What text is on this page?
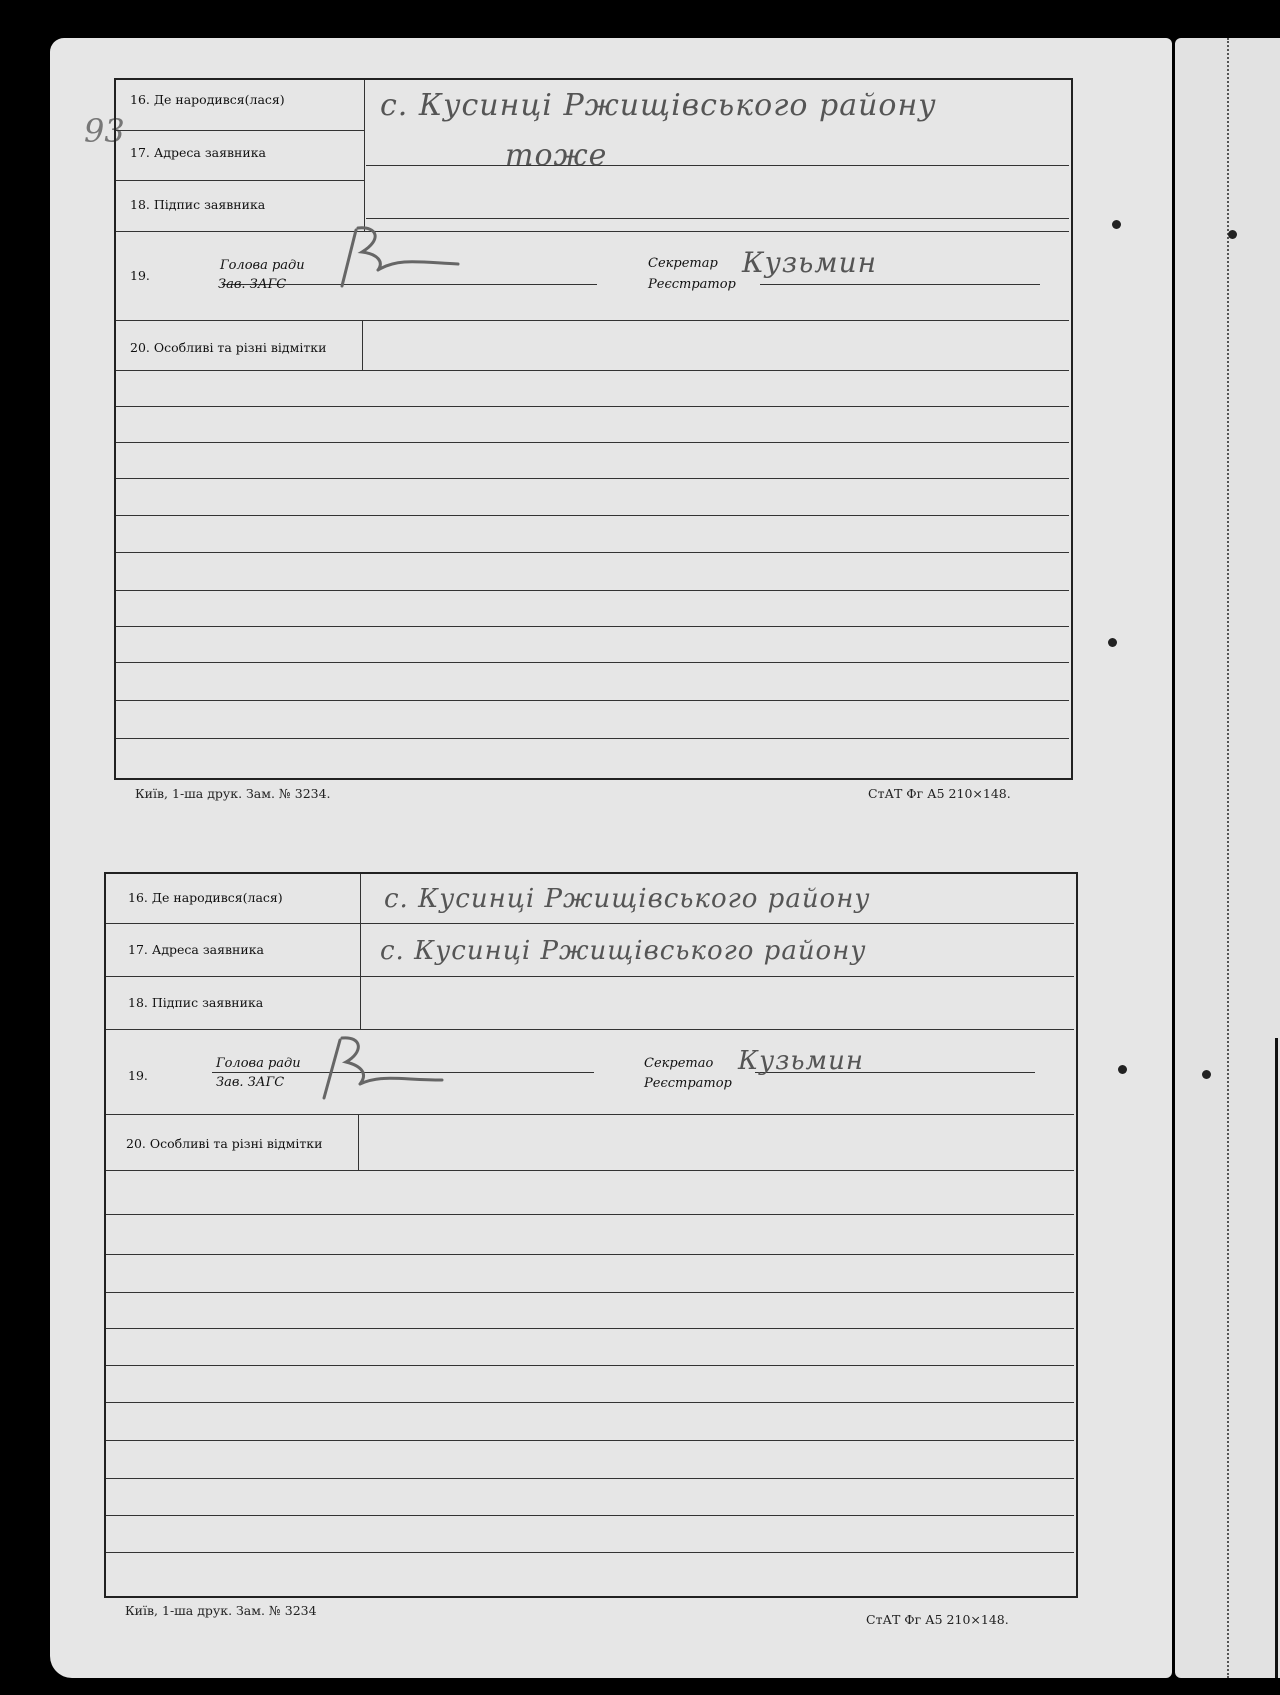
93
16. Де народився(лася)
17. Адреса заявника
18. Підпис заявника
19.
Голова ради
Зав. ЗАГС
Секретар
Реєстратор
20. Особливі та різні відмітки
с. Кусинці Ржищівського району
тоже
Кузьмин
Київ, 1-ша друк. Зам. № 3234.	СтАТ Фг А5 210×148.
16. Де народився(лася)
17. Адреса заявника
18. Підпис заявника
19.
Голова ради
Зав. ЗАГС
Секретао
Реєстратор
20. Особливі та різні відмітки
с. Кусинці Ржищівського району
с. Кусинці Ржищівського району
Кузьмин
Київ, 1-ша друк. Зам. № 3234
СтАТ Фг А5 210×148.
